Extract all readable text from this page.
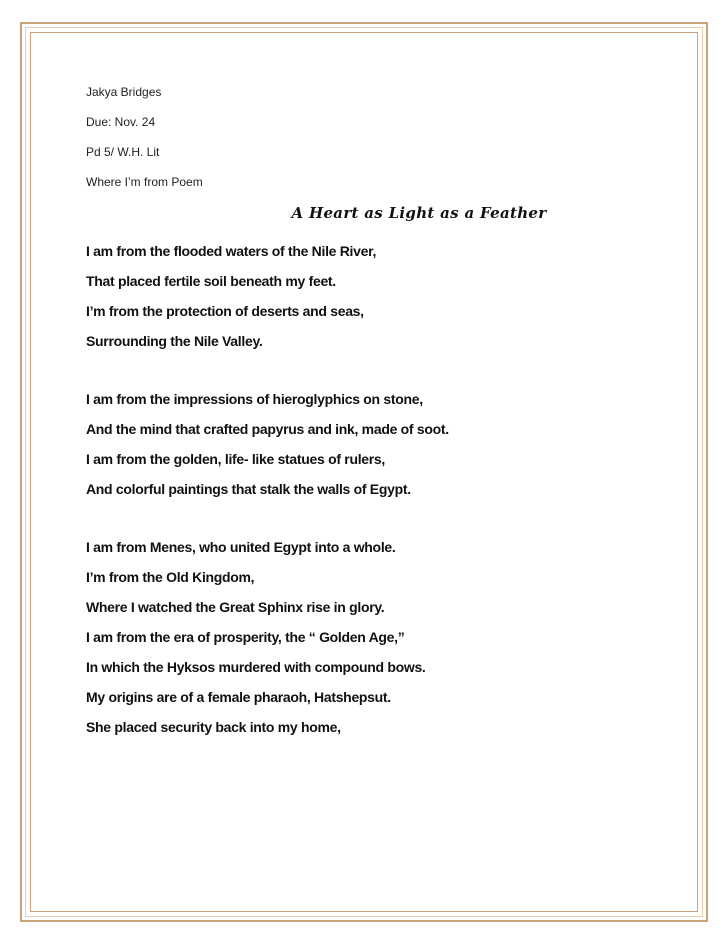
Jakya Bridges

Due: Nov. 24

Pd 5/ W.H. Lit

Where I’m from Poem

A Heart as Light as a Feather

I am from the flooded waters of the Nile River,

That placed fertile soil beneath my feet.

I’m from the protection of deserts and seas,

Surrounding the Nile Valley.

I am from the impressions of hieroglyphics on stone,

And the mind that crafted papyrus and ink, made of soot.

I am from the golden, life- like statues of rulers,

And colorful paintings that stalk the walls of Egypt.

I am from Menes, who united Egypt into a whole.

I’m from the Old Kingdom,

Where I watched the Great Sphinx rise in glory.

I am from the era of prosperity, the “ Golden Age,”

In which the Hyksos murdered with compound bows.

My origins are of a female pharaoh, Hatshepsut.

She placed security back into my home,
